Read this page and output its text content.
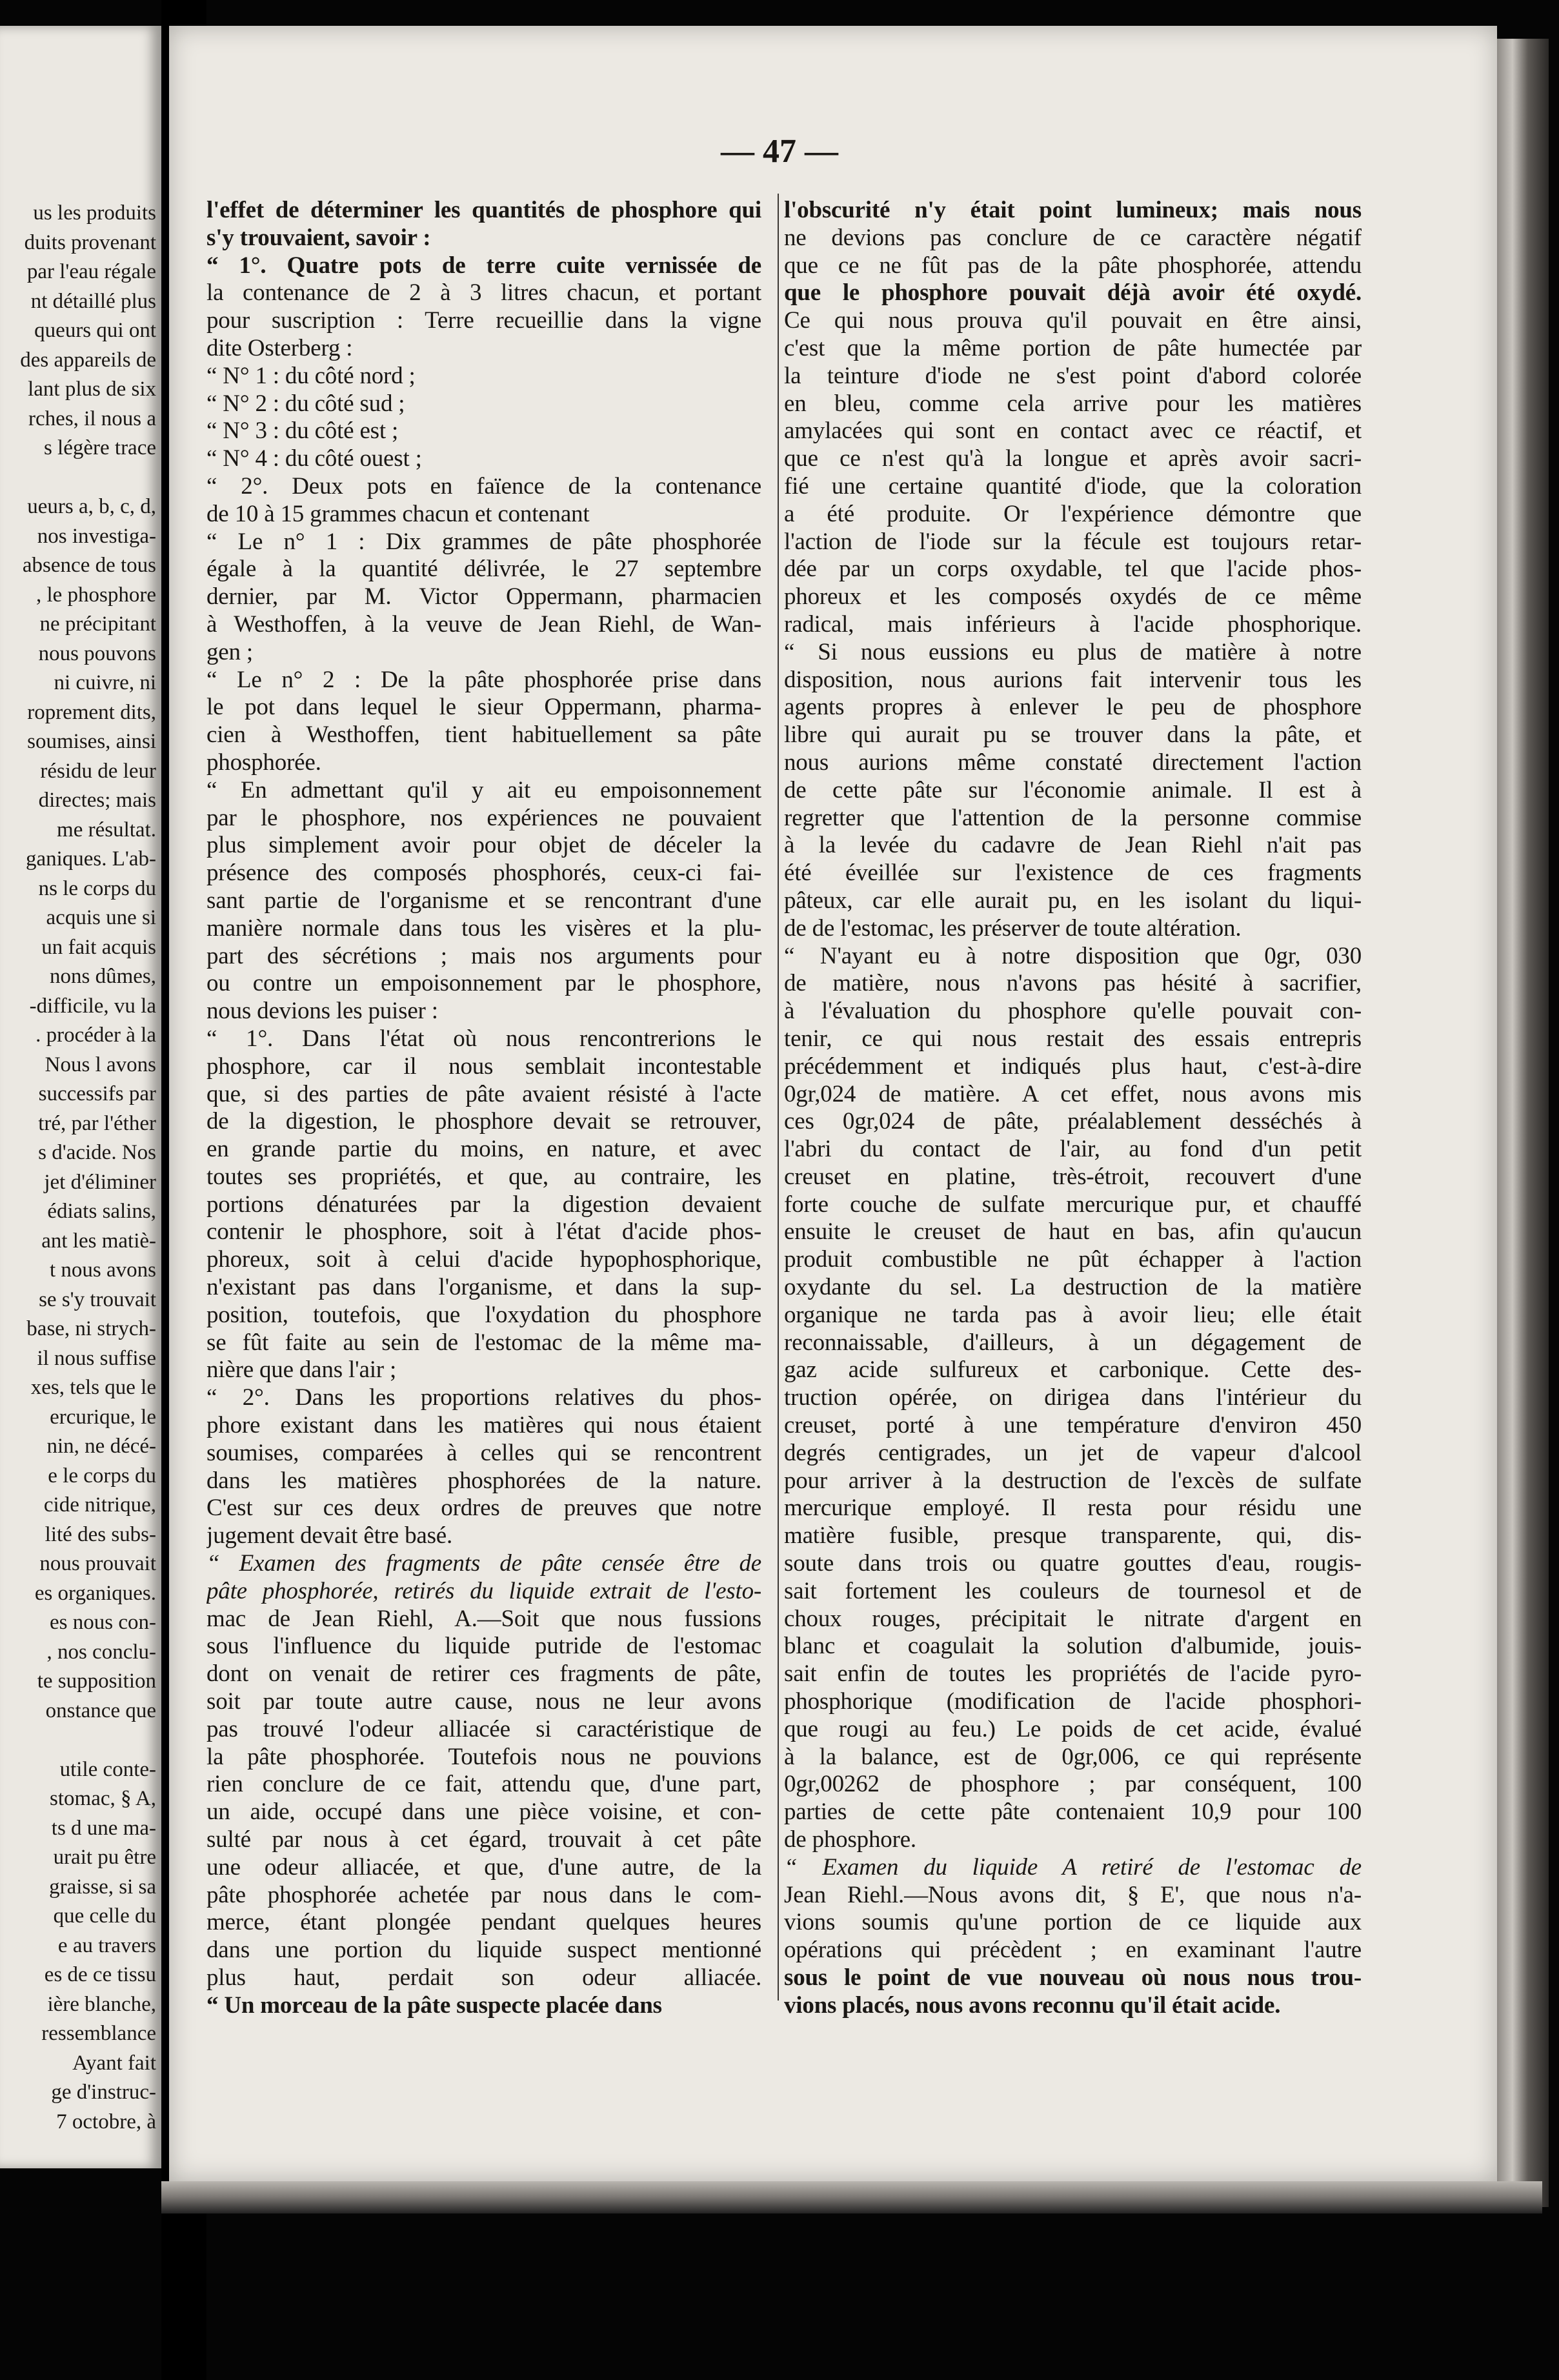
us les produits
duits provenant
par l'eau régale
nt détaillé plus
queurs qui ont
des appareils de
lant plus de six
rches, il nous a
s légère trace
ueurs a, b, c, d,
nos investiga-
absence de tous
, le phosphore
ne précipitant
nous pouvons
ni cuivre, ni
roprement dits,
soumises, ainsi
résidu de leur
directes; mais
me résultat.
ganiques. L'ab-
ns le corps du
acquis une si
un fait acquis
nons dûmes,
-difficile, vu la
. procéder à la
Nous l avons
successifs par
tré, par l'éther
s d'acide. Nos
jet d'éliminer
édiats salins,
ant les matiè-
t nous avons
se s'y trouvait
base, ni strych-
il nous suffise
xes, tels que le
ercurique, le
nin, ne décé-
e le corps du
cide nitrique,
lité des subs-
nous prouvait
es organiques.
es nous con-
, nos conclu-
te supposition
onstance que
utile conte-
stomac, § A,
ts d une ma-
urait pu être
graisse, si sa
que celle du
e au travers
es de ce tissu
ière blanche,
ressemblance
Ayant fait
ge d'instruc-
7 octobre, à
— 47 —
l'effet de déterminer les quantités de phosphore qui
s'y trouvaient, savoir :
“ 1°. Quatre pots de terre cuite vernissée de
la contenance de 2 à 3 litres chacun, et portant
pour suscription : Terre recueillie dans la vigne
dite Osterberg :
“ N° 1 : du côté nord ;
“ N° 2 : du côté sud ;
“ N° 3 : du côté est ;
“ N° 4 : du côté ouest ;
“ 2°. Deux pots en faïence de la contenance
de 10 à 15 grammes chacun et contenant
“ Le n° 1 : Dix grammes de pâte phosphorée
égale à la quantité délivrée, le 27 septembre
dernier, par M. Victor Oppermann, pharmacien
à Westhoffen, à la veuve de Jean Riehl, de Wan-
gen ;
“ Le n° 2 : De la pâte phosphorée prise dans
le pot dans lequel le sieur Oppermann, pharma-
cien à Westhoffen, tient habituellement sa pâte
phosphorée.
“ En admettant qu'il y ait eu empoisonnement
par le phosphore, nos expériences ne pouvaient
plus simplement avoir pour objet de déceler la
présence des composés phosphorés, ceux-ci fai-
sant partie de l'organisme et se rencontrant d'une
manière normale dans tous les visères et la plu-
part des sécrétions ; mais nos arguments pour
ou contre un empoisonnement par le phosphore,
nous devions les puiser :
“ 1°. Dans l'état où nous rencontrerions le
phosphore, car il nous semblait incontestable
que, si des parties de pâte avaient résisté à l'acte
de la digestion, le phosphore devait se retrouver,
en grande partie du moins, en nature, et avec
toutes ses propriétés, et que, au contraire, les
portions dénaturées par la digestion devaient
contenir le phosphore, soit à l'état d'acide phos-
phoreux, soit à celui d'acide hypophosphorique,
n'existant pas dans l'organisme, et dans la sup-
position, toutefois, que l'oxydation du phosphore
se fût faite au sein de l'estomac de la même ma-
nière que dans l'air ;
“ 2°. Dans les proportions relatives du phos-
phore existant dans les matières qui nous étaient
soumises, comparées à celles qui se rencontrent
dans les matières phosphorées de la nature.
C'est sur ces deux ordres de preuves que notre
jugement devait être basé.
“ Examen des fragments de pâte censée être de
pâte phosphorée, retirés du liquide extrait de l'esto-
mac de Jean Riehl, A.—Soit que nous fussions
sous l'influence du liquide putride de l'estomac
dont on venait de retirer ces fragments de pâte,
soit par toute autre cause, nous ne leur avons
pas trouvé l'odeur alliacée si caractéristique de
la pâte phosphorée. Toutefois nous ne pouvions
rien conclure de ce fait, attendu que, d'une part,
un aide, occupé dans une pièce voisine, et con-
sulté par nous à cet égard, trouvait à cet pâte
une odeur alliacée, et que, d'une autre, de la
pâte phosphorée achetée par nous dans le com-
merce, étant plongée pendant quelques heures
dans une portion du liquide suspect mentionné
plus haut, perdait son odeur alliacée.
“ Un morceau de la pâte suspecte placée dans
l'obscurité n'y était point lumineux; mais nous
ne devions pas conclure de ce caractère négatif
que ce ne fût pas de la pâte phosphorée, attendu
que le phosphore pouvait déjà avoir été oxydé.
Ce qui nous prouva qu'il pouvait en être ainsi,
c'est que la même portion de pâte humectée par
la teinture d'iode ne s'est point d'abord colorée
en bleu, comme cela arrive pour les matières
amylacées qui sont en contact avec ce réactif, et
que ce n'est qu'à la longue et après avoir sacri-
fié une certaine quantité d'iode, que la coloration
a été produite. Or l'expérience démontre que
l'action de l'iode sur la fécule est toujours retar-
dée par un corps oxydable, tel que l'acide phos-
phoreux et les composés oxydés de ce même
radical, mais inférieurs à l'acide phosphorique.
“ Si nous eussions eu plus de matière à notre
disposition, nous aurions fait intervenir tous les
agents propres à enlever le peu de phosphore
libre qui aurait pu se trouver dans la pâte, et
nous aurions même constaté directement l'action
de cette pâte sur l'économie animale. Il est à
regretter que l'attention de la personne commise
à la levée du cadavre de Jean Riehl n'ait pas
été éveillée sur l'existence de ces fragments
pâteux, car elle aurait pu, en les isolant du liqui-
de de l'estomac, les préserver de toute altération.
“ N'ayant eu à notre disposition que 0gr, 030
de matière, nous n'avons pas hésité à sacrifier,
à l'évaluation du phosphore qu'elle pouvait con-
tenir, ce qui nous restait des essais entrepris
précédemment et indiqués plus haut, c'est-à-dire
0gr,024 de matière. A cet effet, nous avons mis
ces 0gr,024 de pâte, préalablement desséchés à
l'abri du contact de l'air, au fond d'un petit
creuset en platine, très-étroit, recouvert d'une
forte couche de sulfate mercurique pur, et chauffé
ensuite le creuset de haut en bas, afin qu'aucun
produit combustible ne pût échapper à l'action
oxydante du sel. La destruction de la matière
organique ne tarda pas à avoir lieu; elle était
reconnaissable, d'ailleurs, à un dégagement de
gaz acide sulfureux et carbonique. Cette des-
truction opérée, on dirigea dans l'intérieur du
creuset, porté à une température d'environ 450
degrés centigrades, un jet de vapeur d'alcool
pour arriver à la destruction de l'excès de sulfate
mercurique employé. Il resta pour résidu une
matière fusible, presque transparente, qui, dis-
soute dans trois ou quatre gouttes d'eau, rougis-
sait fortement les couleurs de tournesol et de
choux rouges, précipitait le nitrate d'argent en
blanc et coagulait la solution d'albumide, jouis-
sait enfin de toutes les propriétés de l'acide pyro-
phosphorique (modification de l'acide phosphori-
que rougi au feu.) Le poids de cet acide, évalué
à la balance, est de 0gr,006, ce qui représente
0gr,00262 de phosphore ; par conséquent, 100
parties de cette pâte contenaient 10,9 pour 100
de phosphore.
“ Examen du liquide A retiré de l'estomac de
Jean Riehl.—Nous avons dit, § E', que nous n'a-
vions soumis qu'une portion de ce liquide aux
opérations qui précèdent ; en examinant l'autre
sous le point de vue nouveau où nous nous trou-
vions placés, nous avons reconnu qu'il était acide.
